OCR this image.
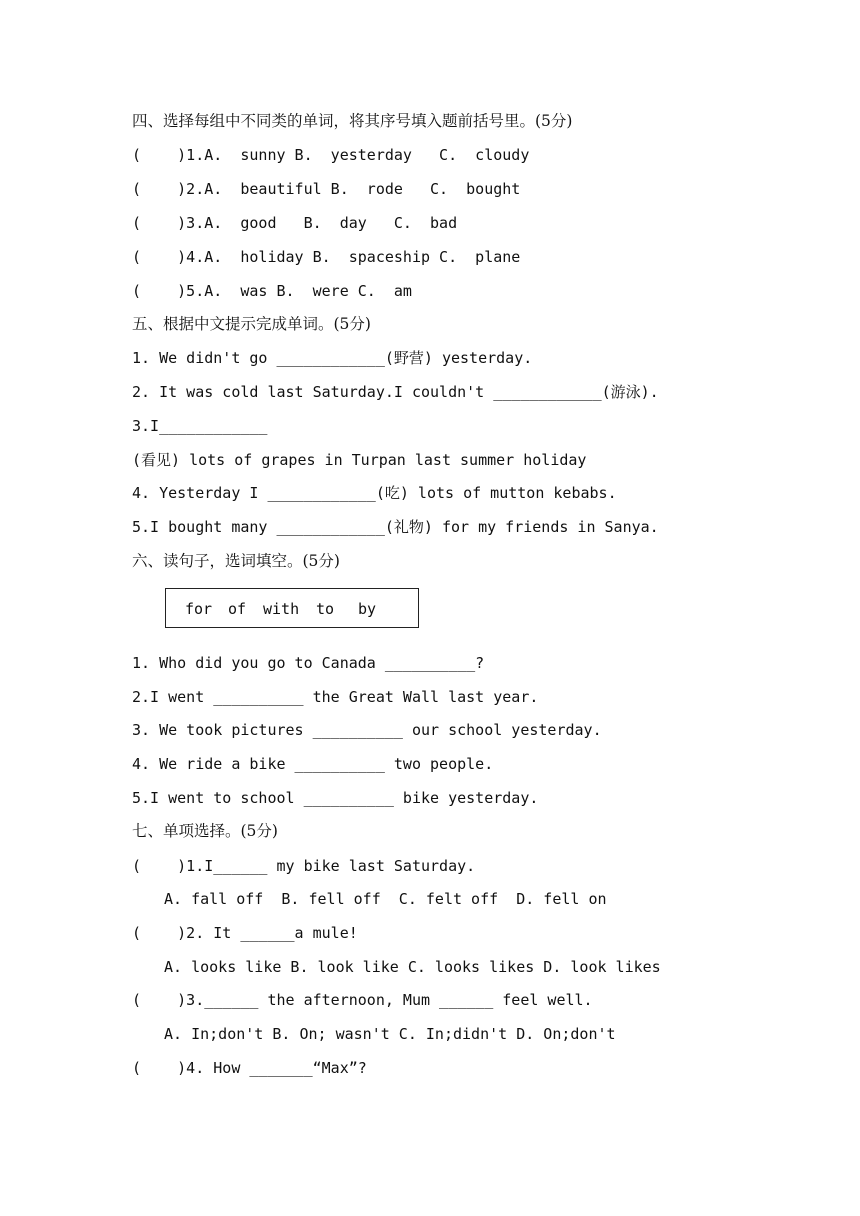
四、选择每组中不同类的单词，将其序号填入题前括号里。(5分)

(    )1.A.  sunny B.  yesterday   C.  cloudy

(    )2.A.  beautiful B.  rode   C.  bought

(    )3.A.  good   B.  day   C.  bad

(    )4.A.  holiday B.  spaceship C.  plane

(    )5.A.  was B.  were C.  am

五、根据中文提示完成单词。(5分)

1. We didn't go ____________(野营) yesterday.

2. It was cold last Saturday.I couldn't ____________(游泳).

3.I____________

(看见) lots of grapes in Turpan last summer holiday

4. Yesterday I ____________(吃) lots of mutton kebabs.

5.I bought many ____________(礼物) for my friends in Sanya.

六、读句子，选词填空。(5分)

for of with to by

1. Who did you go to Canada __________?

2.I went __________ the Great Wall last year.

3. We took pictures __________ our school yesterday.

4. We ride a bike __________ two people.

5.I went to school __________ bike yesterday.

七、单项选择。(5分)

(    )1.I______ my bike last Saturday.

A. fall off  B. fell off  C. felt off  D. fell on

(    )2. It ______a mule!

A. looks like B. look like C. looks likes D. look likes

(    )3.______ the afternoon, Mum ______ feel well.

A. In;don't B. On; wasn't C. In;didn't D. On;don't

(    )4. How _______“Max”?
